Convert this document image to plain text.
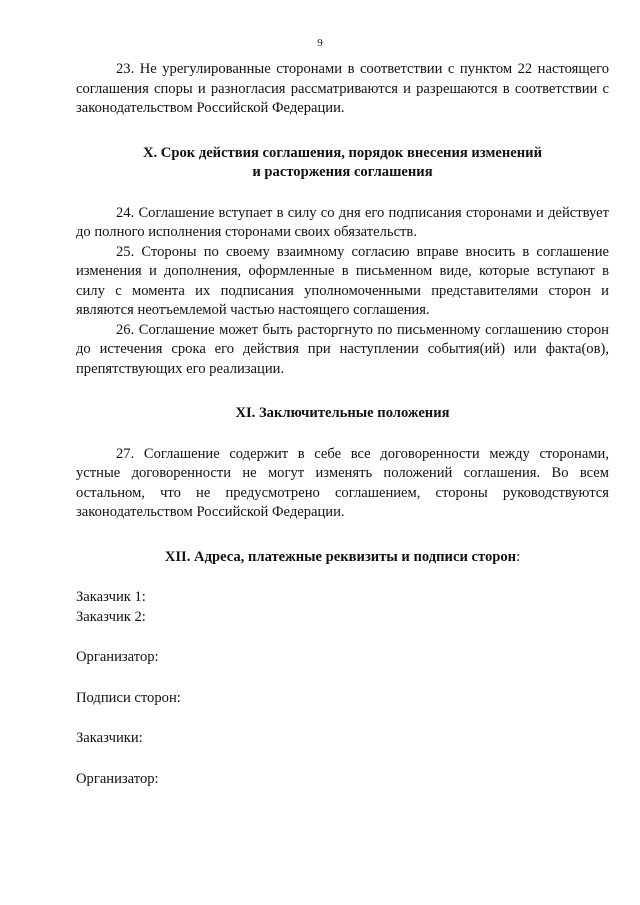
9

23. Не урегулированные сторонами в соответствии с пунктом 22 настоящего соглашения споры и разногласия рассматриваются и разрешаются в соответствии с законодательством Российской Федерации.

X. Срок действия соглашения, порядок внесения изменений

и расторжения соглашения

24. Соглашение вступает в силу со дня его подписания сторонами и действует до полного исполнения сторонами своих обязательств.

25. Стороны по своему взаимному согласию вправе вносить в соглашение изменения и дополнения, оформленные в письменном виде, которые вступают в силу с момента их подписания уполномоченными представителями сторон и являются неотъемлемой частью настоящего соглашения.

26. Соглашение может быть расторгнуто по письменному соглашению сторон до истечения срока его действия при наступлении события(ий) или факта(ов), препятствующих его реализации.

XI. Заключительные положения

27. Соглашение содержит в себе все договоренности между сторонами, устные договоренности не могут изменять положений соглашения. Во всем остальном, что не предусмотрено соглашением, стороны руководствуются законодательством Российской Федерации.

XII. Адреса, платежные реквизиты и подписи сторон:

Заказчик 1:

Заказчик 2:

Организатор:

Подписи сторон:

Заказчики:

Организатор:
